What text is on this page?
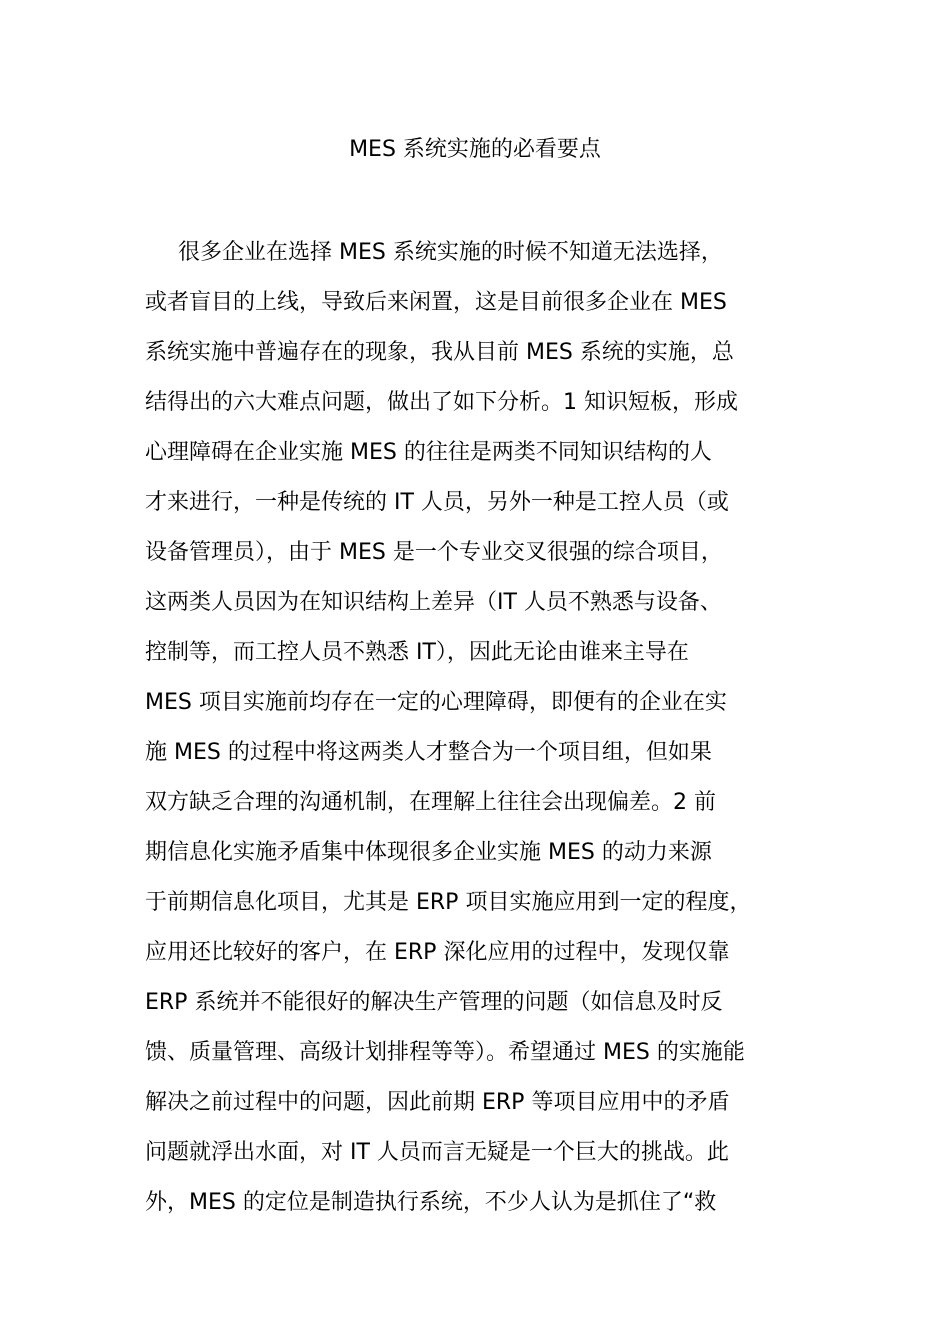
MES 系统实施的必看要点
很多企业在选择 MES 系统实施的时候不知道无法选择，
或者盲目的上线，导致后来闲置，这是目前很多企业在 MES
系统实施中普遍存在的现象，我从目前 MES 系统的实施，总
结得出的六大难点问题，做出了如下分析。1 知识短板，形成
心理障碍在企业实施 MES 的往往是两类不同知识结构的人
才来进行，一种是传统的 IT 人员，另外一种是工控人员（或
设备管理员），由于 MES 是一个专业交叉很强的综合项目，
这两类人员因为在知识结构上差异（IT 人员不熟悉与设备、
控制等，而工控人员不熟悉 IT），因此无论由谁来主导在
MES 项目实施前均存在一定的心理障碍，即便有的企业在实
施 MES 的过程中将这两类人才整合为一个项目组，但如果
双方缺乏合理的沟通机制，在理解上往往会出现偏差。2 前
期信息化实施矛盾集中体现很多企业实施 MES 的动力来源
于前期信息化项目，尤其是 ERP 项目实施应用到一定的程度，
应用还比较好的客户，在 ERP 深化应用的过程中，发现仅靠
ERP 系统并不能很好的解决生产管理的问题（如信息及时反
馈、质量管理、高级计划排程等等）。希望通过 MES 的实施能
解决之前过程中的问题，因此前期 ERP 等项目应用中的矛盾
问题就浮出水面，对 IT 人员而言无疑是一个巨大的挑战。此
外，MES 的定位是制造执行系统，不少人认为是抓住了“救
